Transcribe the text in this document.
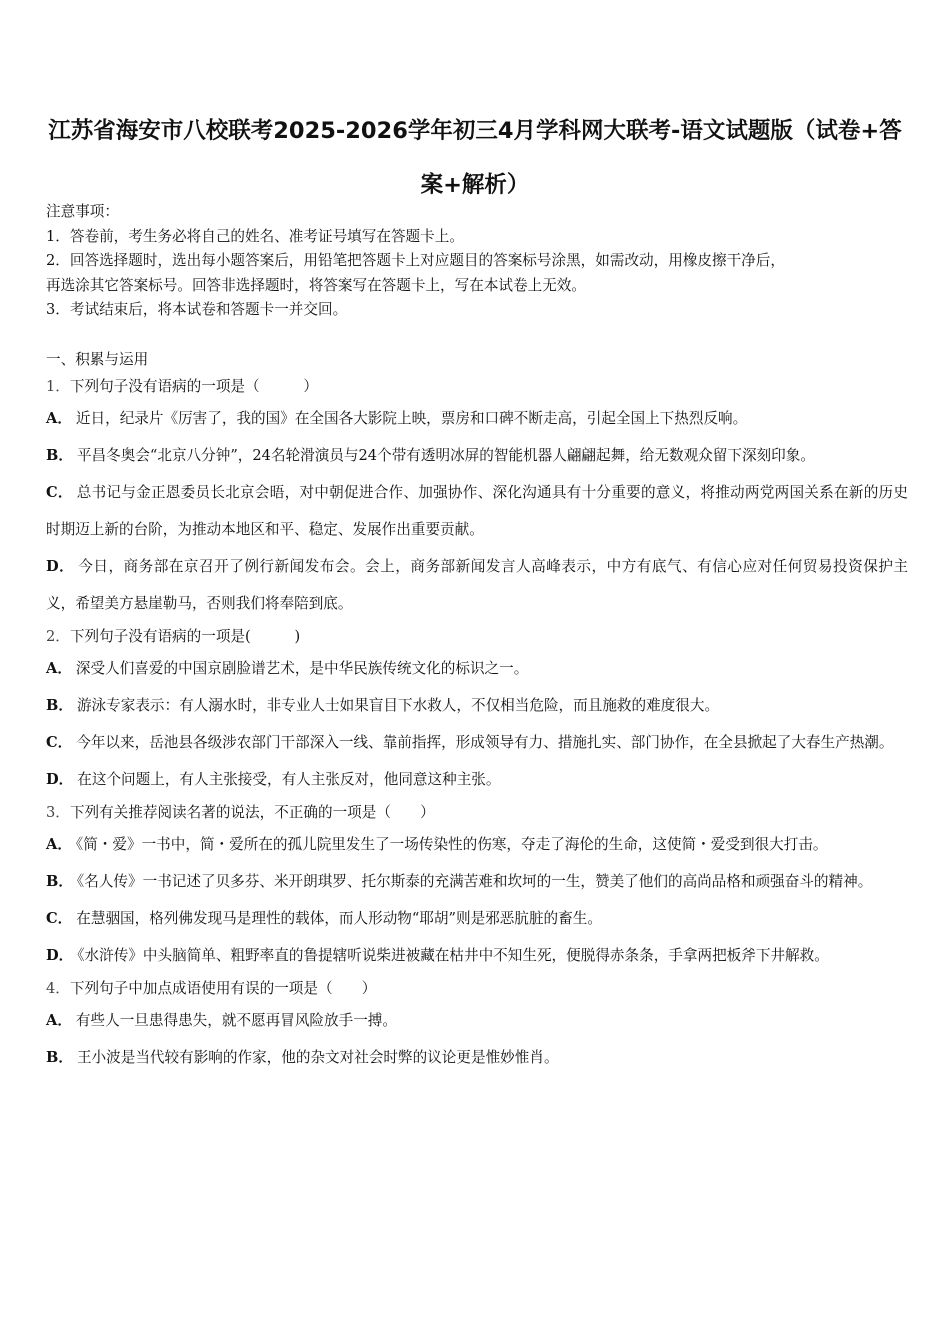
江苏省海安市八校联考2025-2026学年初三4月学科网大联考-语文试题版（试卷+答案+解析）
注意事项：
1．答卷前，考生务必将自己的姓名、准考证号填写在答题卡上。
2．回答选择题时，选出每小题答案后，用铅笔把答题卡上对应题目的答案标号涂黑，如需改动，用橡皮擦干净后，
再选涂其它答案标号。回答非选择题时，将答案写在答题卡上，写在本试卷上无效。
3．考试结束后，将本试卷和答题卡一并交回。
一、积累与运用
1．下列句子没有语病的一项是（　　　）
A． 近日，纪录片《厉害了，我的国》在全国各大影院上映，票房和口碑不断走高，引起全国上下热烈反响。
B． 平昌冬奥会“北京八分钟”，24名轮滑演员与24个带有透明冰屏的智能机器人翩翩起舞，给无数观众留下深刻印象。
C． 总书记与金正恩委员长北京会晤，对中朝促进合作、加强协作、深化沟通具有十分重要的意义，将推动两党两国关系在新的历史时期迈上新的台阶，为推动本地区和平、稳定、发展作出重要贡献。
D． 今日，商务部在京召开了例行新闻发布会。会上，商务部新闻发言人高峰表示，中方有底气、有信心应对任何贸易投资保护主义，希望美方悬崖勒马，否则我们将奉陪到底。
2．下列句子没有语病的一项是(　　　)
A． 深受人们喜爱的中国京剧脸谱艺术，是中华民族传统文化的标识之一。
B． 游泳专家表示：有人溺水时，非专业人士如果盲目下水救人，不仅相当危险，而且施救的难度很大。
C． 今年以来，岳池县各级涉农部门干部深入一线、靠前指挥，形成领导有力、措施扎实、部门协作，在全县掀起了大春生产热潮。
D． 在这个问题上，有人主张接受，有人主张反对，他同意这种主张。
3．下列有关推荐阅读名著的说法，不正确的一项是（　　）
A． 《简・爱》一书中，简・爱所在的孤儿院里发生了一场传染性的伤寒，夺走了海伦的生命，这使简・爱受到很大打击。
B． 《名人传》一书记述了贝多芬、米开朗琪罗、托尔斯泰的充满苦难和坎坷的一生，赞美了他们的高尚品格和顽强奋斗的精神。
C． 在慧骃国，格列佛发现马是理性的载体，而人形动物“耶胡”则是邪恶肮脏的畜生。
D． 《水浒传》中头脑简单、粗野率直的鲁提辖听说柴进被藏在枯井中不知生死，便脱得赤条条，手拿两把板斧下井解救。
4．下列句子中加点成语使用有误的一项是（　　）
A． 有些人一旦患得患失，就不愿再冒风险放手一搏。
B． 王小波是当代较有影响的作家，他的杂文对社会时弊的议论更是惟妙惟肖。
